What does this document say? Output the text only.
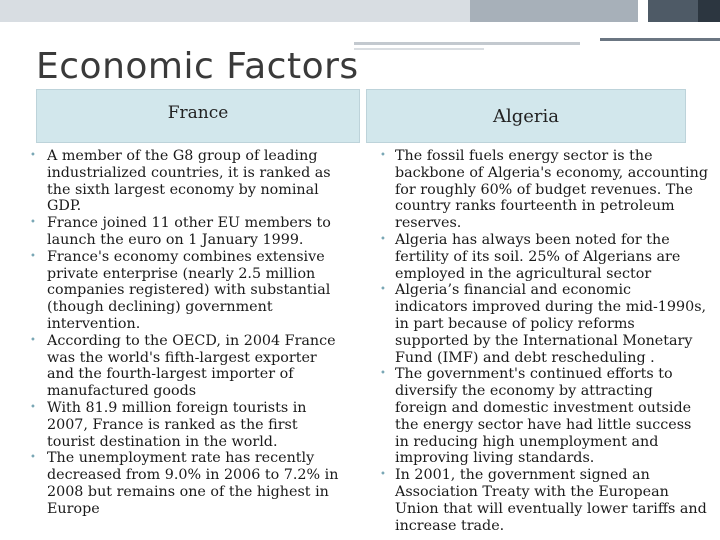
Economic Factors
France	Algeria
• A member of the G8 group of leading industrialized countries, it is ranked as the sixth largest economy by nominal GDP.
• France joined 11 other EU members to launch the euro on 1 January 1999.
• France's economy combines extensive private enterprise (nearly 2.5 million companies registered) with substantial (though declining) government intervention.
• According to the OECD, in 2004 France was the world's fifth-largest exporter and the fourth-largest importer of manufactured goods
• With 81.9 million foreign tourists in 2007, France is ranked as the first tourist destination in the world.
• The unemployment rate has recently decreased from 9.0% in 2006 to 7.2% in 2008 but remains one of the highest in Europe
• The fossil fuels energy sector is the backbone of Algeria's economy, accounting for roughly 60% of budget revenues. The country ranks fourteenth in petroleum reserves.
• Algeria has always been noted for the fertility of its soil. 25% of Algerians are employed in the agricultural sector
• Algeria’s financial and economic indicators improved during the mid-1990s, in part because of policy reforms supported by the International Monetary Fund (IMF) and debt rescheduling .
• The government's continued efforts to diversify the economy by attracting foreign and domestic investment outside the energy sector have had little success in reducing high unemployment and improving living standards.
• In 2001, the government signed an Association Treaty with the European Union that will eventually lower tariffs and increase trade.
